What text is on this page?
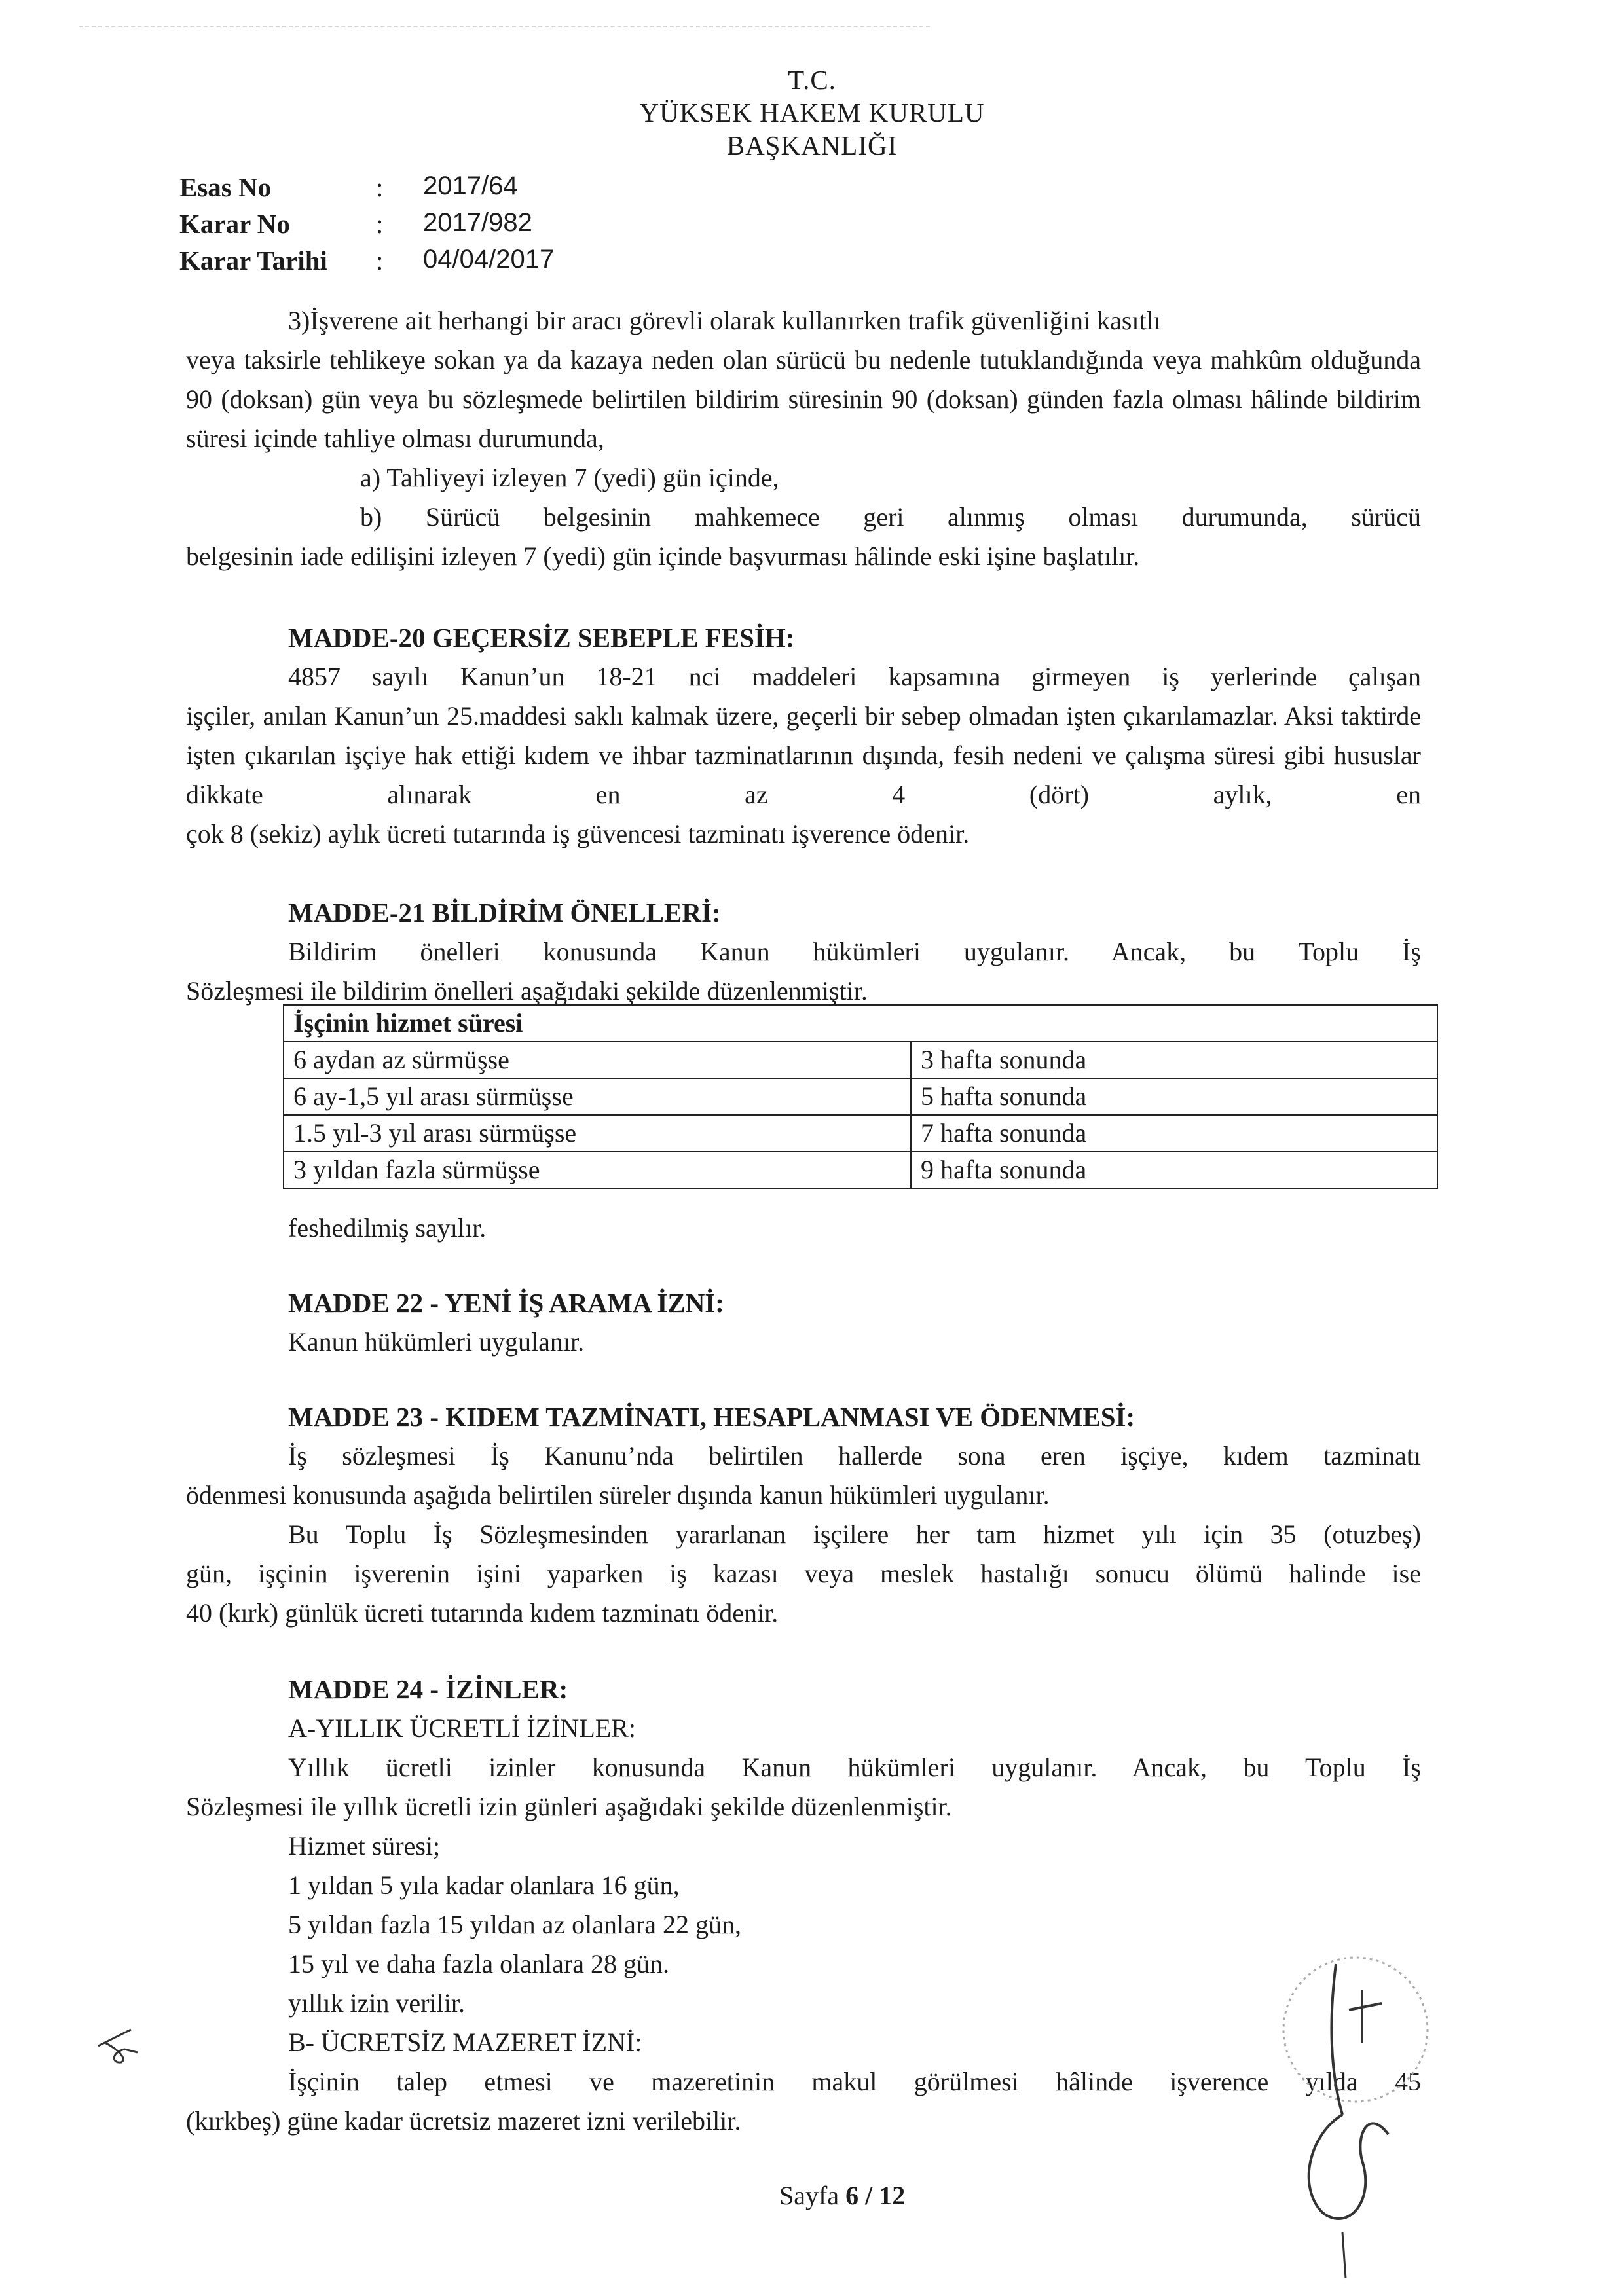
T.C.
YÜKSEK HAKEM KURULU
BAŞKANLIĞI
Esas No	: 2017/64
Karar No	: 2017/982
Karar Tarihi : 04/04/2017
3)İşverene ait herhangi bir aracı görevli olarak kullanırken trafik güvenliğini kasıtlı
veya taksirle tehlikeye sokan ya da kazaya neden olan sürücü bu nedenle tutuklandığında veya mahkûm olduğunda 90 (doksan) gün veya bu sözleşmede belirtilen bildirim süresinin 90 (doksan) günden fazla olması hâlinde bildirim süresi içinde tahliye olması durumunda,
a) Tahliyeyi izleyen 7 (yedi) gün içinde,
b) Sürücü belgesinin mahkemece geri alınmış olması durumunda, sürücü
belgesinin iade edilişini izleyen 7 (yedi) gün içinde başvurması hâlinde eski işine başlatılır.
MADDE-20 GEÇERSİZ SEBEPLE FESİH:
4857 sayılı Kanun’un 18-21 nci maddeleri kapsamına girmeyen iş yerlerinde çalışan
işçiler, anılan Kanun’un 25.maddesi saklı kalmak üzere, geçerli bir sebep olmadan işten çıkarılamazlar. Aksi taktirde işten çıkarılan işçiye hak ettiği kıdem ve ihbar tazminatlarının dışında, fesih nedeni ve çalışma süresi gibi hususlar dikkate alınarak en az 4 (dört) aylık, en
çok 8 (sekiz) aylık ücreti tutarında iş güvencesi tazminatı işverence ödenir.
MADDE-21 BİLDİRİM ÖNELLERİ:
Bildirim önelleri konusunda Kanun hükümleri uygulanır. Ancak, bu Toplu İş
Sözleşmesi ile bildirim önelleri aşağıdaki şekilde düzenlenmiştir.
İşçinin hizmet süresi	
6 aydan az sürmüşse	3 hafta sonunda
6 ay-1,5 yıl arası sürmüşse	5 hafta sonunda
1.5 yıl-3 yıl arası sürmüşse	7 hafta sonunda
3 yıldan fazla sürmüşse	9 hafta sonunda
feshedilmiş sayılır.
MADDE 22 - YENİ İŞ ARAMA İZNİ:
Kanun hükümleri uygulanır.
MADDE 23 - KIDEM TAZMİNATI, HESAPLANMASI VE ÖDENMESİ:
İş sözleşmesi İş Kanunu’nda belirtilen hallerde sona eren işçiye, kıdem tazminatı
ödenmesi konusunda aşağıda belirtilen süreler dışında kanun hükümleri uygulanır.
Bu Toplu İş Sözleşmesinden yararlanan işçilere her tam hizmet yılı için 35 (otuzbeş)
gün, işçinin işverenin işini yaparken iş kazası veya meslek hastalığı sonucu ölümü halinde ise
40 (kırk) günlük ücreti tutarında kıdem tazminatı ödenir.
MADDE 24 - İZİNLER:
A-YILLIK ÜCRETLİ İZİNLER:
Yıllık ücretli izinler konusunda Kanun hükümleri uygulanır. Ancak, bu Toplu İş
Sözleşmesi ile yıllık ücretli izin günleri aşağıdaki şekilde düzenlenmiştir.
Hizmet süresi;
1 yıldan 5 yıla kadar olanlara 16 gün,
5 yıldan fazla 15 yıldan az olanlara 22 gün,
15 yıl ve daha fazla olanlara 28 gün.
yıllık izin verilir.
B- ÜCRETSİZ MAZERET İZNİ:
İşçinin talep etmesi ve mazeretinin makul görülmesi hâlinde işverence yılda 45
(kırkbeş) güne kadar ücretsiz mazeret izni verilebilir.
Sayfa 6 / 12
